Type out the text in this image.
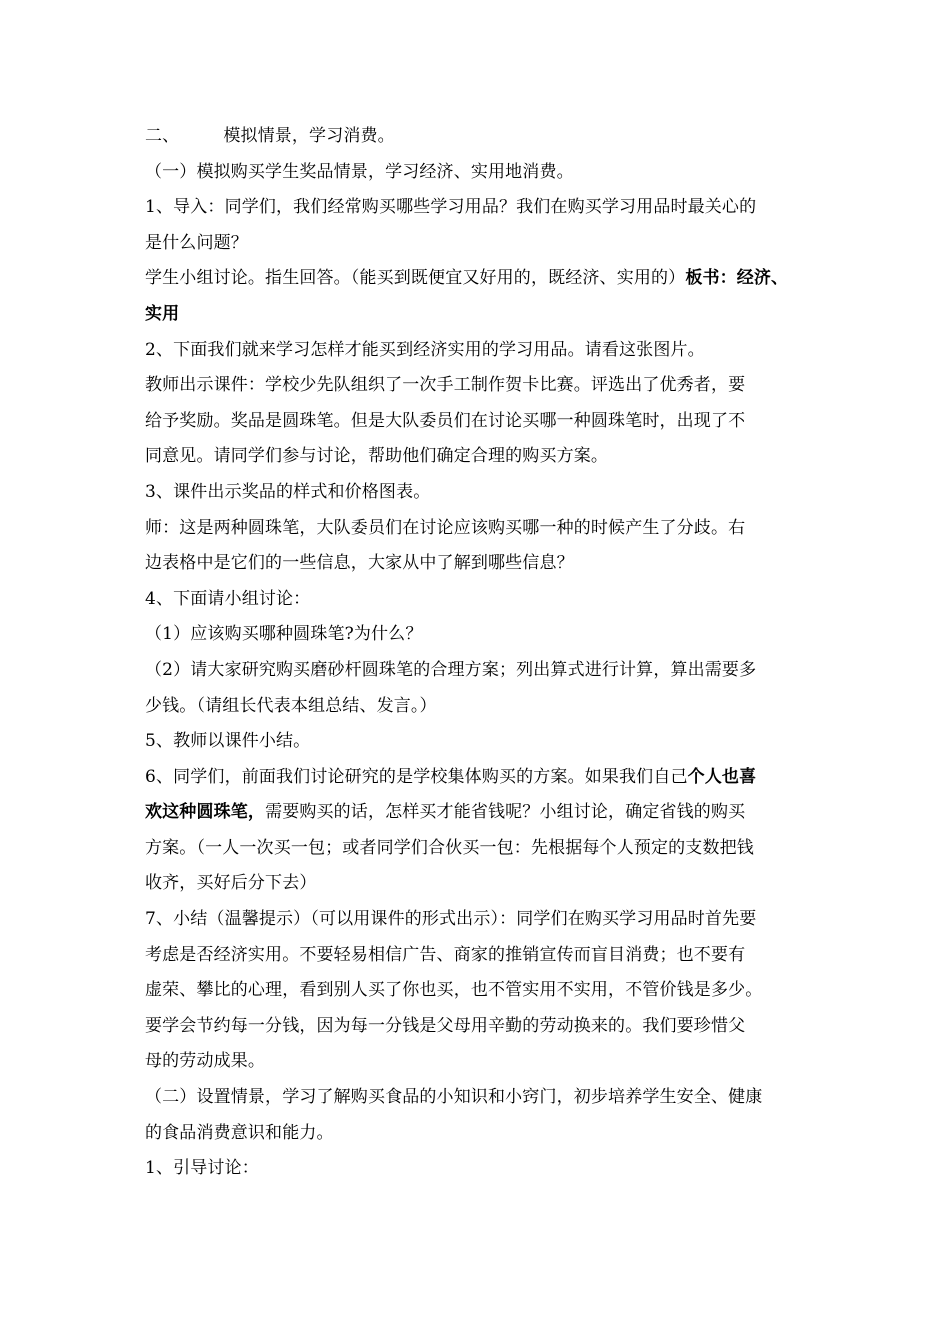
二、	模拟情景，学习消费。
（一）模拟购买学生奖品情景，学习经济、实用地消费。
1、导入：同学们，我们经常购买哪些学习用品？我们在购买学习用品时最关心的
是什么问题？
学生小组讨论。指生回答。（能买到既便宜又好用的，既经济、实用的）板书：经济、
实用
2、下面我们就来学习怎样才能买到经济实用的学习用品。请看这张图片。
教师出示课件：学校少先队组织了一次手工制作贺卡比赛。评选出了优秀者，要
给予奖励。奖品是圆珠笔。但是大队委员们在讨论买哪一种圆珠笔时，出现了不
同意见。请同学们参与讨论，帮助他们确定合理的购买方案。
3、课件出示奖品的样式和价格图表。
师：这是两种圆珠笔，大队委员们在讨论应该购买哪一种的时候产生了分歧。右
边表格中是它们的一些信息，大家从中了解到哪些信息？
4、下面请小组讨论：
（1）应该购买哪种圆珠笔?为什么？
（2）请大家研究购买磨砂杆圆珠笔的合理方案；列出算式进行计算，算出需要多
少钱。（请组长代表本组总结、发言。）
5、教师以课件小结。
6、同学们，前面我们讨论研究的是学校集体购买的方案。如果我们自己个人也喜
欢这种圆珠笔，需要购买的话，怎样买才能省钱呢？小组讨论，确定省钱的购买
方案。（一人一次买一包；或者同学们合伙买一包：先根据每个人预定的支数把钱
收齐，买好后分下去）
7、小结（温馨提示）（可以用课件的形式出示）：同学们在购买学习用品时首先要
考虑是否经济实用。不要轻易相信广告、商家的推销宣传而盲目消费；也不要有
虚荣、攀比的心理，看到别人买了你也买，也不管实用不实用，不管价钱是多少。
要学会节约每一分钱，因为每一分钱是父母用辛勤的劳动换来的。我们要珍惜父
母的劳动成果。
（二）设置情景，学习了解购买食品的小知识和小窍门，初步培养学生安全、健康
的食品消费意识和能力。
1、引导讨论：
